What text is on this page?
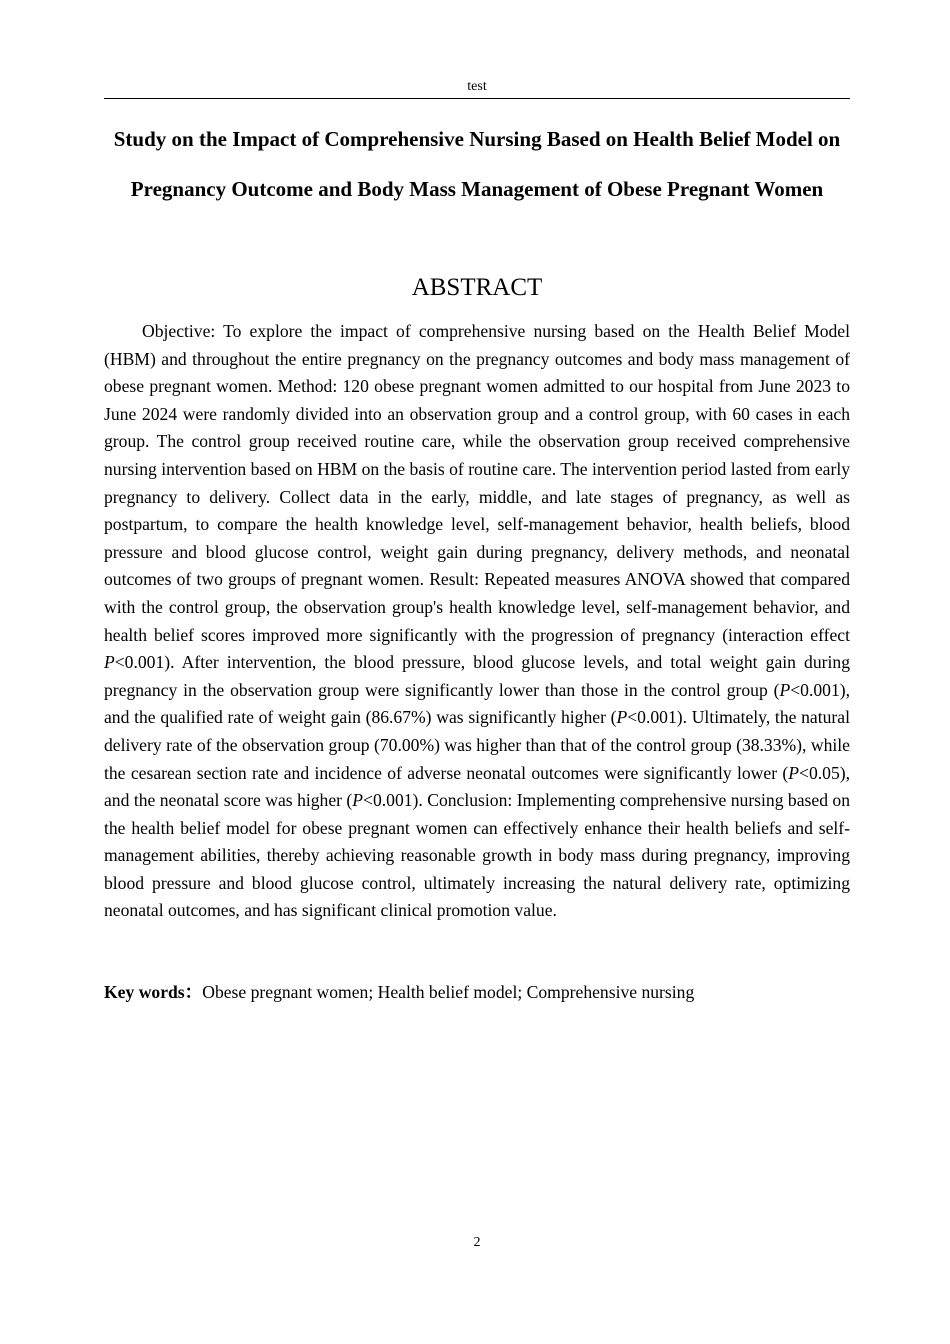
test
Study on the Impact of Comprehensive Nursing Based on Health Belief Model on Pregnancy Outcome and Body Mass Management of Obese Pregnant Women
ABSTRACT

Objective: To explore the impact of comprehensive nursing based on the Health Belief Model (HBM) and throughout the entire pregnancy on the pregnancy outcomes and body mass management of obese pregnant women. Method: 120 obese pregnant women admitted to our hospital from June 2023 to June 2024 were randomly divided into an observation group and a control group, with 60 cases in each group. The control group received routine care, while the observation group received comprehensive nursing intervention based on HBM on the basis of routine care. The intervention period lasted from early pregnancy to delivery. Collect data in the early, middle, and late stages of pregnancy, as well as postpartum, to compare the health knowledge level, self-management behavior, health beliefs, blood pressure and blood glucose control, weight gain during pregnancy, delivery methods, and neonatal outcomes of two groups of pregnant women. Result: Repeated measures ANOVA showed that compared with the control group, the observation group's health knowledge level, self-management behavior, and health belief scores improved more significantly with the progression of pregnancy (interaction effect P<0.001). After intervention, the blood pressure, blood glucose levels, and total weight gain during pregnancy in the observation group were significantly lower than those in the control group (P<0.001), and the qualified rate of weight gain (86.67%) was significantly higher (P<0.001). Ultimately, the natural delivery rate of the observation group (70.00%) was higher than that of the control group (38.33%), while the cesarean section rate and incidence of adverse neonatal outcomes were significantly lower (P<0.05), and the neonatal score was higher (P<0.001). Conclusion: Implementing comprehensive nursing based on the health belief model for obese pregnant women can effectively enhance their health beliefs and self-management abilities, thereby achieving reasonable growth in body mass during pregnancy, improving blood pressure and blood glucose control, ultimately increasing the natural delivery rate, optimizing neonatal outcomes, and has significant clinical promotion value.

Key words：Obese pregnant women; Health belief model; Comprehensive nursing

2
